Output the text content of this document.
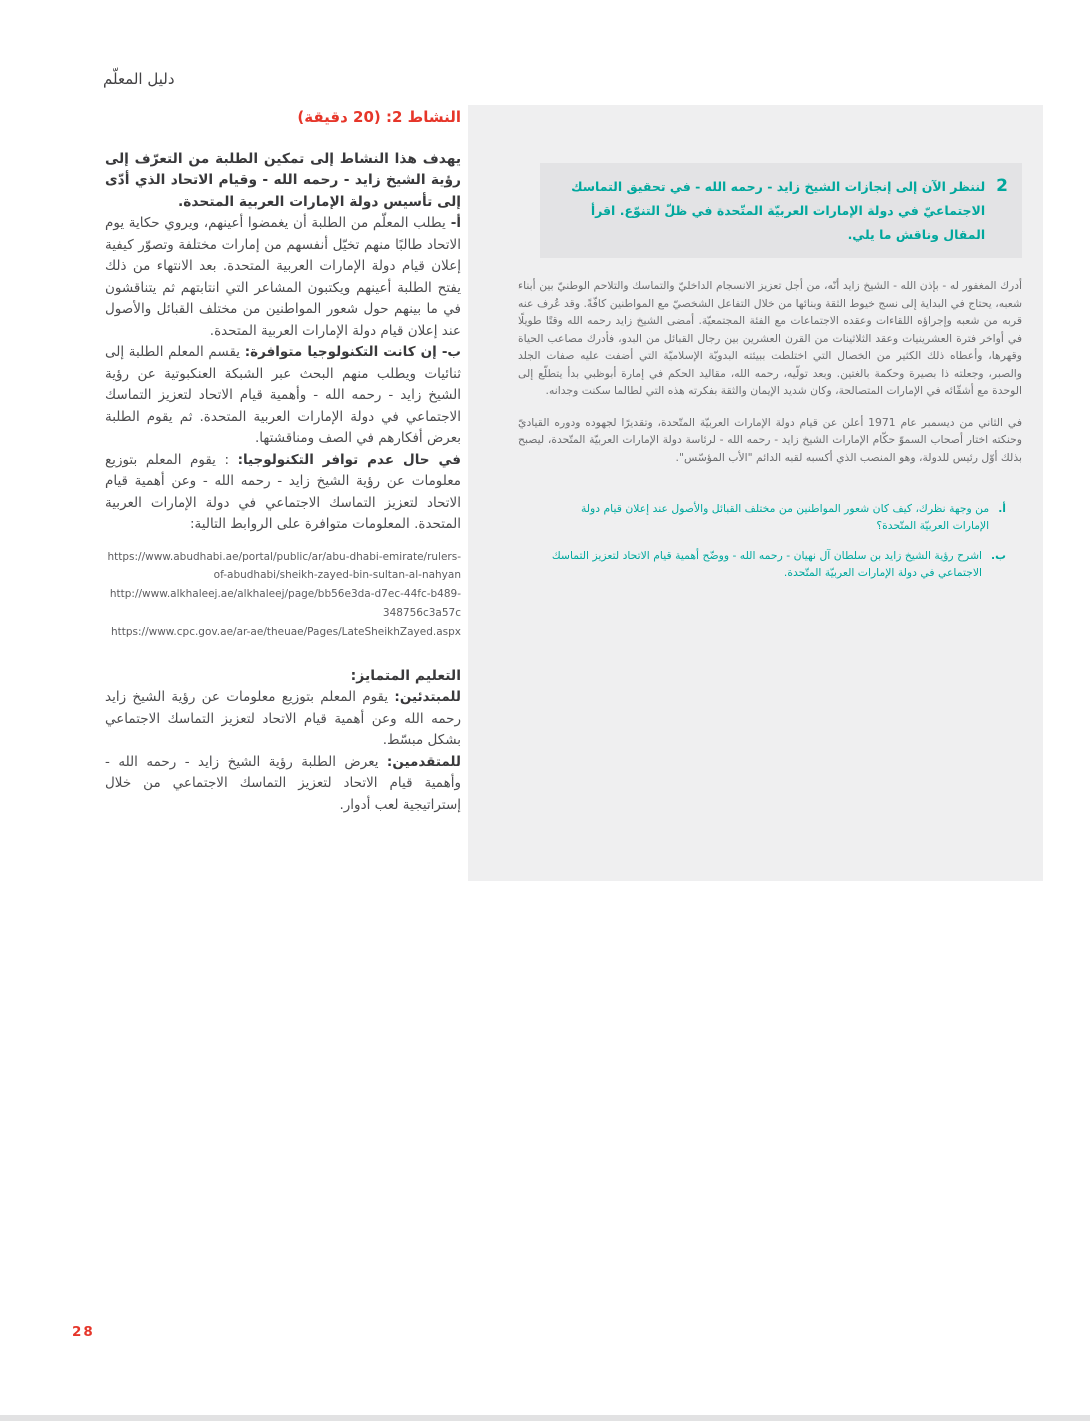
دليل المعلّم
النشاط 2: (20 دقيقة)

يهدف هذا النشاط إلى تمكين الطلبة من التعرّف إلى رؤية الشيخ زايد - رحمه الله - وقيام الاتحاد الذي أدّى إلى تأسيس دولة الإمارات العربية المتحدة.

أ- يطلب المعلّم من الطلبة أن يغمضوا أعينهم، ويروي حكاية يوم الاتحاد طالبًا منهم تخيّل أنفسهم من إمارات مختلفة وتصوّر كيفية إعلان قيام دولة الإمارات العربية المتحدة. بعد الانتهاء من ذلك يفتح الطلبة أعينهم ويكتبون المشاعر التي انتابتهم ثم يتناقشون في ما بينهم حول شعور المواطنين من مختلف القبائل والأصول عند إعلان قيام دولة الإمارات العربية المتحدة.

ب- إن كانت التكنولوجيا متوافرة: يقسم المعلم الطلبة إلى ثنائيات ويطلب منهم البحث عبر الشبكة العنكبوتية عن رؤية الشيخ زايد - رحمه الله - وأهمية قيام الاتحاد لتعزيز التماسك الاجتماعي في دولة الإمارات العربية المتحدة. ثم يقوم الطلبة بعرض أفكارهم في الصف ومناقشتها.

في حال عدم توافر التكنولوجيا: : يقوم المعلم بتوزيع معلومات عن رؤية الشيخ زايد - رحمه الله - وعن أهمية قيام الاتحاد لتعزيز التماسك الاجتماعي في دولة الإمارات العربية المتحدة. المعلومات متوافرة على الروابط التالية:

https://www.abudhabi.ae/portal/public/ar/abu-dhabi-emirate/rulers-of-abudhabi/sheikh-zayed-bin-sultan-al-nahyan

http://www.alkhaleej.ae/alkhaleej/page/bb56e3da-d7ec-44fc-b489-348756c3a57c

https://www.cpc.gov.ae/ar-ae/theuae/Pages/LateSheikhZayed.aspx

التعليم المتمايز:

للمبتدئين: يقوم المعلم بتوزيع معلومات عن رؤية الشيخ زايد رحمه الله وعن أهمية قيام الاتحاد لتعزيز التماسك الاجتماعي بشكل مبسّط.

للمتقدمين: يعرض الطلبة رؤية الشيخ زايد - رحمه الله - وأهمية قيام الاتحاد لتعزيز التماسك الاجتماعي من خلال إستراتيجية لعب أدوار.

2
لننظر الآن إلى إنجازات الشيخ زايد - رحمه الله - في تحقيق التماسك الاجتماعيّ في دولة الإمارات العربيّة المتّحدة في ظلّ التنوّع. اقرأ المقال وناقش ما يلي.

أدرك المغفور له - بإذن الله - الشيخ زايد أنّه، من أجل تعزيز الانسجام الداخليّ والتماسك والتلاحم الوطنيّ بين أبناء شعبه، يحتاج في البداية إلى نسج خيوط الثقة وبنائها من خلال التفاعل الشخصيّ مع المواطنين كافّةً. وقد عُرف عنه قربه من شعبه وإجراؤه اللقاءات وعقده الاجتماعات مع الفئة المجتمعيّة. أمضى الشيخ زايد رحمه الله وقتًا طويلًا في أواخر فترة العشرينيات وعقد الثلاثينات من القرن العشرين بين رجال القبائل من البدو، فأدرك مصاعب الحياة وقهرها، وأعطاه ذلك الكثير من الخصال التي اختلطت ببيئته البدويّة الإسلاميّة التي أضفت عليه صفات الجلد والصبر، وجعلته ذا بصيرة وحكمة بالغتين. وبعد تولّيه، رحمه الله، مقاليد الحكم في إمارة أبوظبي بدأ يتطلّع إلى الوحدة مع أشقّائه في الإمارات المتصالحة، وكان شديد الإيمان والثقة بفكرته هذه التي لطالما سكنت وجدانه.

في الثاني من ديسمبر عام 1971 أعلن عن قيام دولة الإمارات العربيّة المتّحدة، وتقديرًا لجهوده ودوره القياديّ وحنكته اختار أصحاب السموّ حكّام الإمارات الشيخ زايد - رحمه الله - لرئاسة دولة الإمارات العربيّة المتّحدة، ليصبح بذلك أوّل رئيس للدولة، وهو المنصب الذي أكسبه لقبه الدائم "الأب المؤسّس".

أ.
من وجهة نظرك، كيف كان شعور المواطنين من مختلف القبائل والأصول عند إعلان قيام دولة الإمارات العربيّة المتّحدة؟
ب.
اشرح رؤية الشيخ زايد بن سلطان آل نهيان - رحمه الله - ووضّح أهمية قيام الاتحاد لتعزيز التماسك الاجتماعي في دولة الإمارات العربيّة المتّحدة.
28
